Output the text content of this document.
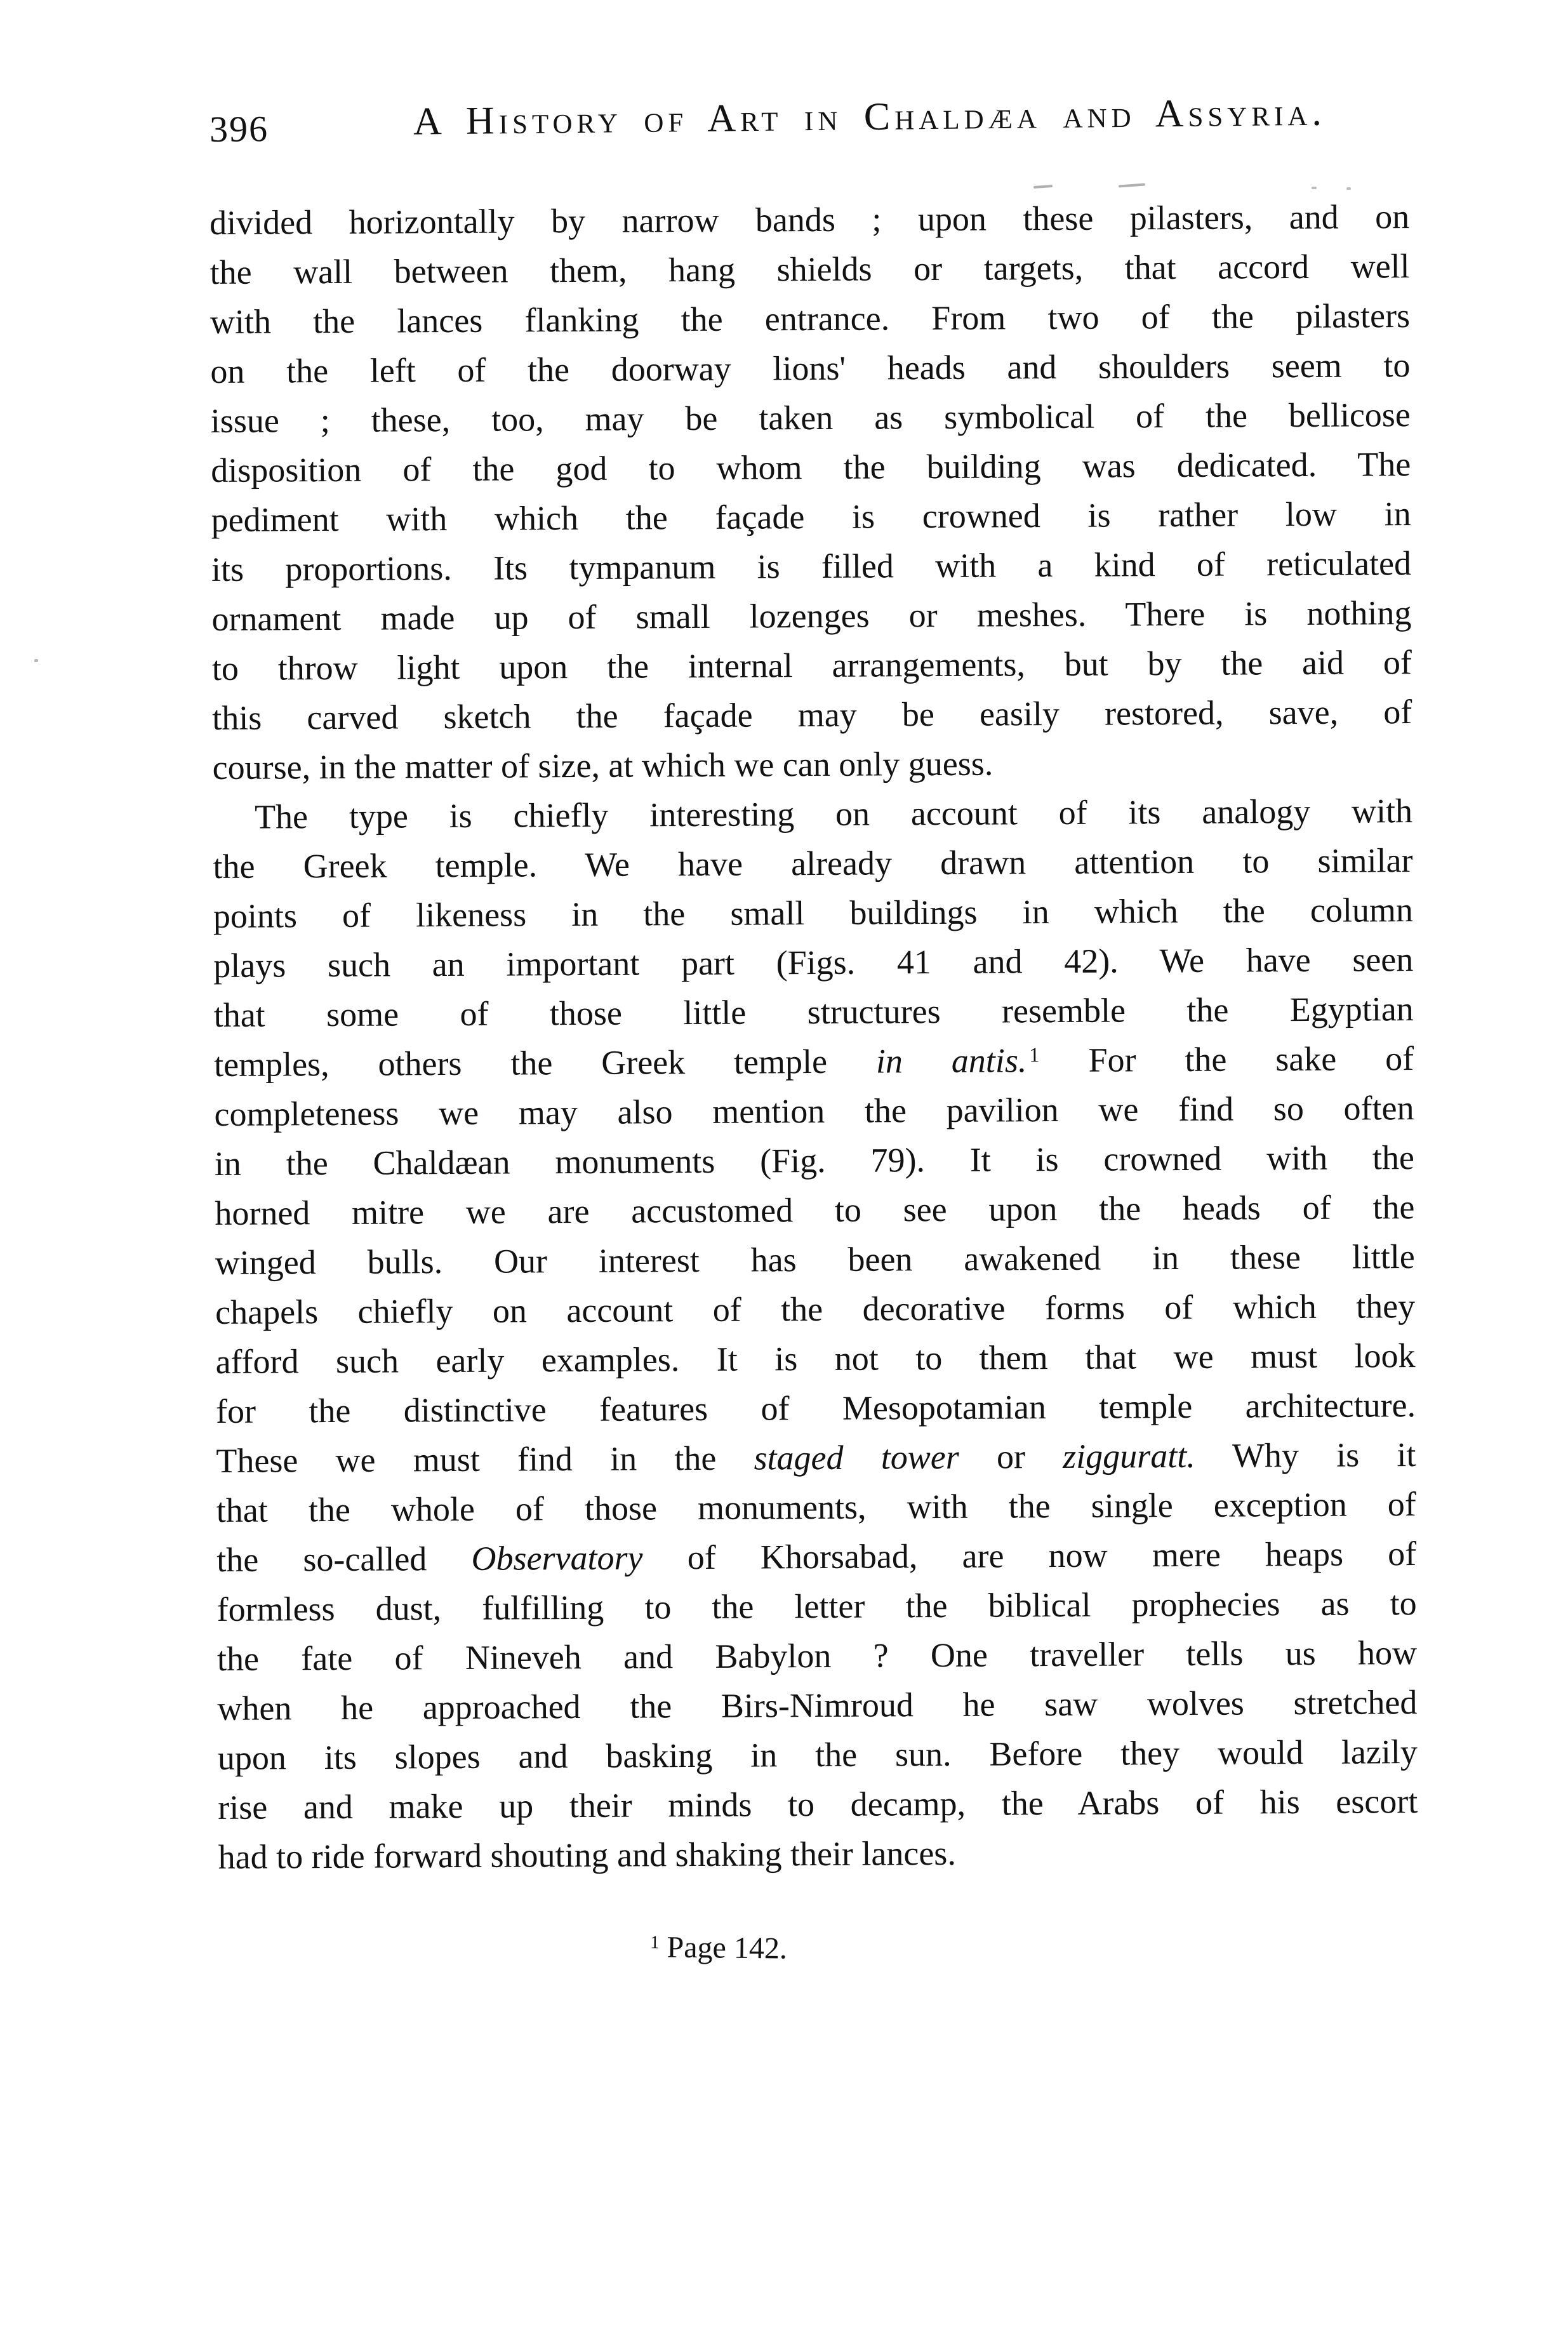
396	A History of Art in Chaldæa and Assyria.

divided horizontally by narrow bands ; upon these pilasters, and on
the wall between them, hang shields or targets, that accord well
with the lances flanking the entrance. From two of the pilasters
on the left of the doorway lions' heads and shoulders seem to
issue ; these, too, may be taken as symbolical of the bellicose
disposition of the god to whom the building was dedicated. The
pediment with which the façade is crowned is rather low in
its proportions. Its tympanum is filled with a kind of reticulated
ornament made up of small lozenges or meshes. There is nothing
to throw light upon the internal arrangements, but by the aid of
this carved sketch the façade may be easily restored, save, of
course, in the matter of size, at which we can only guess.

The type is chiefly interesting on account of its analogy with
the Greek temple. We have already drawn attention to similar
points of likeness in the small buildings in which the column
plays such an important part (Figs. 41 and 42). We have seen
that some of those little structures resemble the Egyptian
temples, others the Greek temple in antis. $^1$ For the sake of
completeness we may also mention the pavilion we find so often
in the Chaldæan monuments (Fig. 79). It is crowned with the
horned mitre we are accustomed to see upon the heads of the
winged bulls. Our interest has been awakened in these little
chapels chiefly on account of the decorative forms of which they
afford such early examples. It is not to them that we must look
for the distinctive features of Mesopotamian temple architecture.
These we must find in the staged tower or zigguratt. Why is it
that the whole of those monuments, with the single exception of
the so-called Observatory of Khorsabad, are now mere heaps of
formless dust, fulfilling to the letter the biblical prophecies as to
the fate of Nineveh and Babylon ? One traveller tells us how
when he approached the Birs-Nimroud he saw wolves stretched
upon its slopes and basking in the sun. Before they would lazily
rise and make up their minds to decamp, the Arabs of his escort
had to ride forward shouting and shaking their lances.

$^1$ Page 142.
